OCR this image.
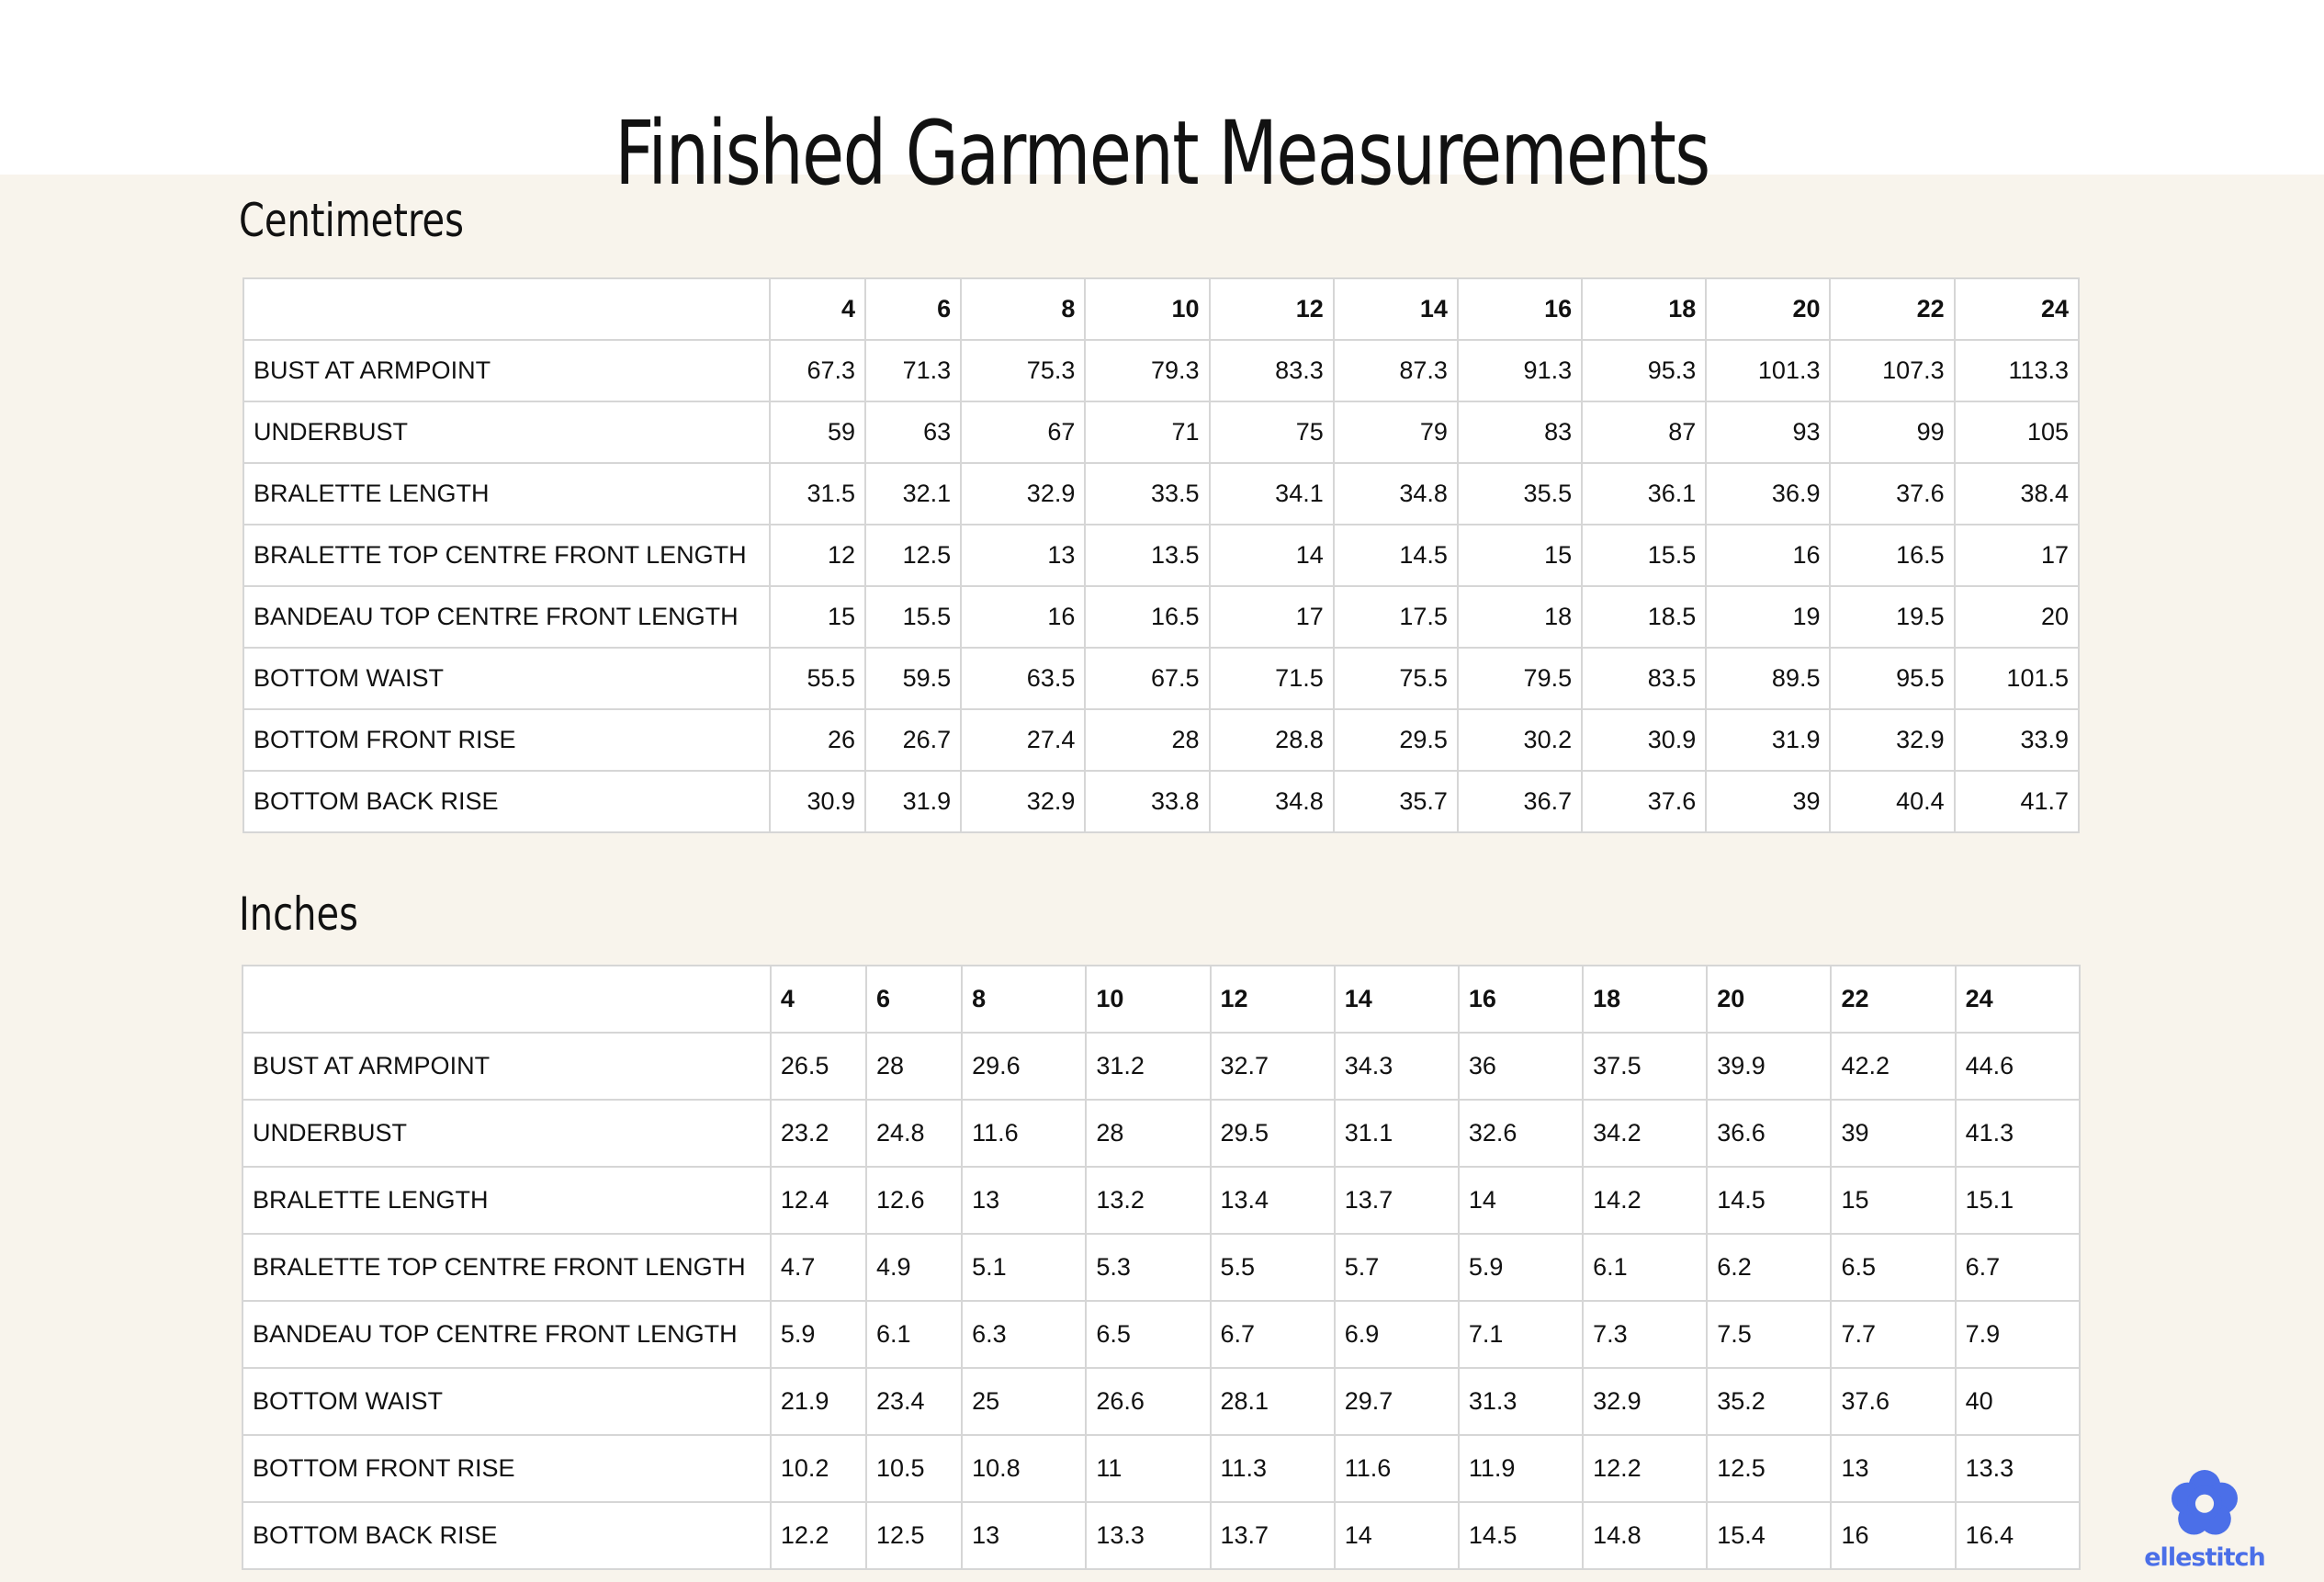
Finished Garment Measurements
Centimetres
	4	6	8	10	12	14	16	18	20	22	24
BUST AT ARMPOINT	67.3	71.3	75.3	79.3	83.3	87.3	91.3	95.3	101.3	107.3	113.3
UNDERBUST	59	63	67	71	75	79	83	87	93	99	105
BRALETTE LENGTH	31.5	32.1	32.9	33.5	34.1	34.8	35.5	36.1	36.9	37.6	38.4
BRALETTE TOP CENTRE FRONT LENGTH	12	12.5	13	13.5	14	14.5	15	15.5	16	16.5	17
BANDEAU TOP CENTRE FRONT LENGTH	15	15.5	16	16.5	17	17.5	18	18.5	19	19.5	20
BOTTOM WAIST	55.5	59.5	63.5	67.5	71.5	75.5	79.5	83.5	89.5	95.5	101.5
BOTTOM FRONT RISE	26	26.7	27.4	28	28.8	29.5	30.2	30.9	31.9	32.9	33.9
BOTTOM BACK RISE	30.9	31.9	32.9	33.8	34.8	35.7	36.7	37.6	39	40.4	41.7
Inches
	4	6	8	10	12	14	16	18	20	22	24
BUST AT ARMPOINT	26.5	28	29.6	31.2	32.7	34.3	36	37.5	39.9	42.2	44.6
UNDERBUST	23.2	24.8	11.6	28	29.5	31.1	32.6	34.2	36.6	39	41.3
BRALETTE LENGTH	12.4	12.6	13	13.2	13.4	13.7	14	14.2	14.5	15	15.1
BRALETTE TOP CENTRE FRONT LENGTH	4.7	4.9	5.1	5.3	5.5	5.7	5.9	6.1	6.2	6.5	6.7
BANDEAU TOP CENTRE FRONT LENGTH	5.9	6.1	6.3	6.5	6.7	6.9	7.1	7.3	7.5	7.7	7.9
BOTTOM WAIST	21.9	23.4	25	26.6	28.1	29.7	31.3	32.9	35.2	37.6	40
BOTTOM FRONT RISE	10.2	10.5	10.8	11	11.3	11.6	11.9	12.2	12.5	13	13.3
BOTTOM BACK RISE	12.2	12.5	13	13.3	13.7	14	14.5	14.8	15.4	16	16.4
ellestitch
